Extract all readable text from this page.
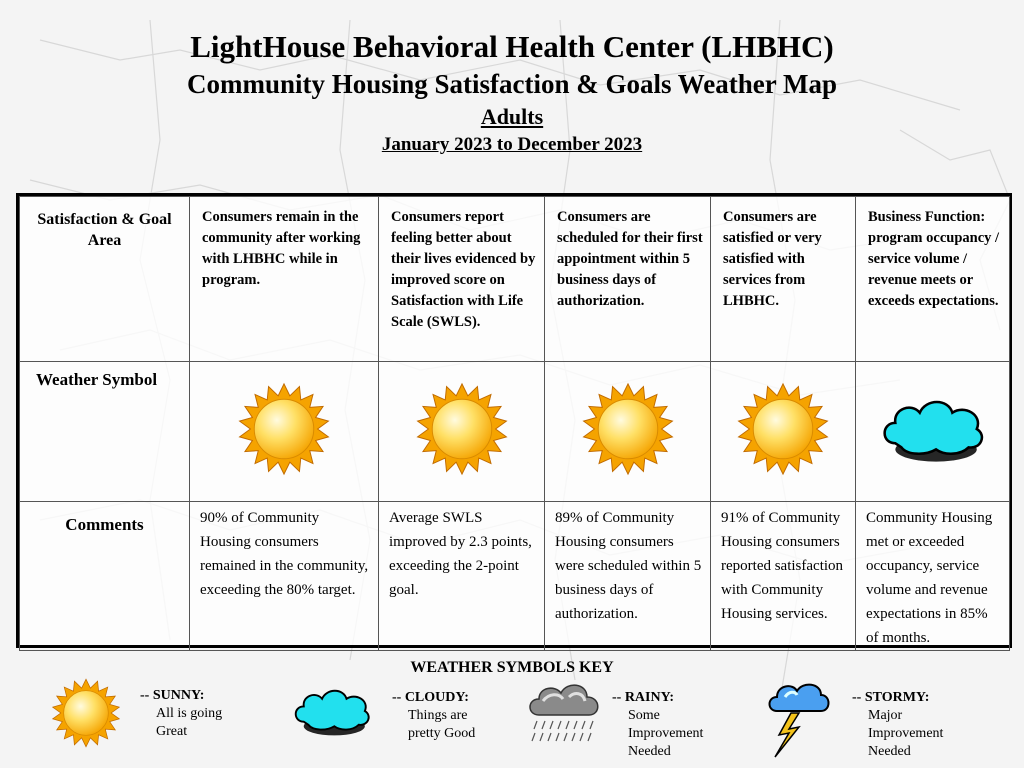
LightHouse Behavioral Health Center (LHBHC)
Community Housing Satisfaction & Goals Weather Map
Adults
January 2023 to December 2023
Satisfaction & Goal Area	Consumers remain in the community after working with LHBHC while in program.	Consumers report feeling better about their lives evidenced by improved score on Satisfaction with Life Scale (SWLS).	Consumers are scheduled for their first appointment within 5 business days of authorization.	Consumers are satisfied or very satisfied with services from LHBHC.	Business Function: program occupancy / service volume / revenue meets or exceeds expectations.
Weather Symbol					
Comments	90% of Community Housing consumers remained in the community, exceeding the 80% target.	Average SWLS improved by 2.3 points, exceeding the 2-point goal.	89% of Community Housing consumers were scheduled within 5 business days of authorization.	91% of Community Housing consumers reported satisfaction with Community Housing services.	Community Housing met or exceeded occupancy, service volume and revenue expectations in 85% of months.
WEATHER SYMBOLS KEY
-- SUNNY:
All is going
Great
-- CLOUDY:
Things are
pretty Good
-- RAINY:
Some
Improvement
Needed
-- STORMY:
Major
Improvement
Needed
